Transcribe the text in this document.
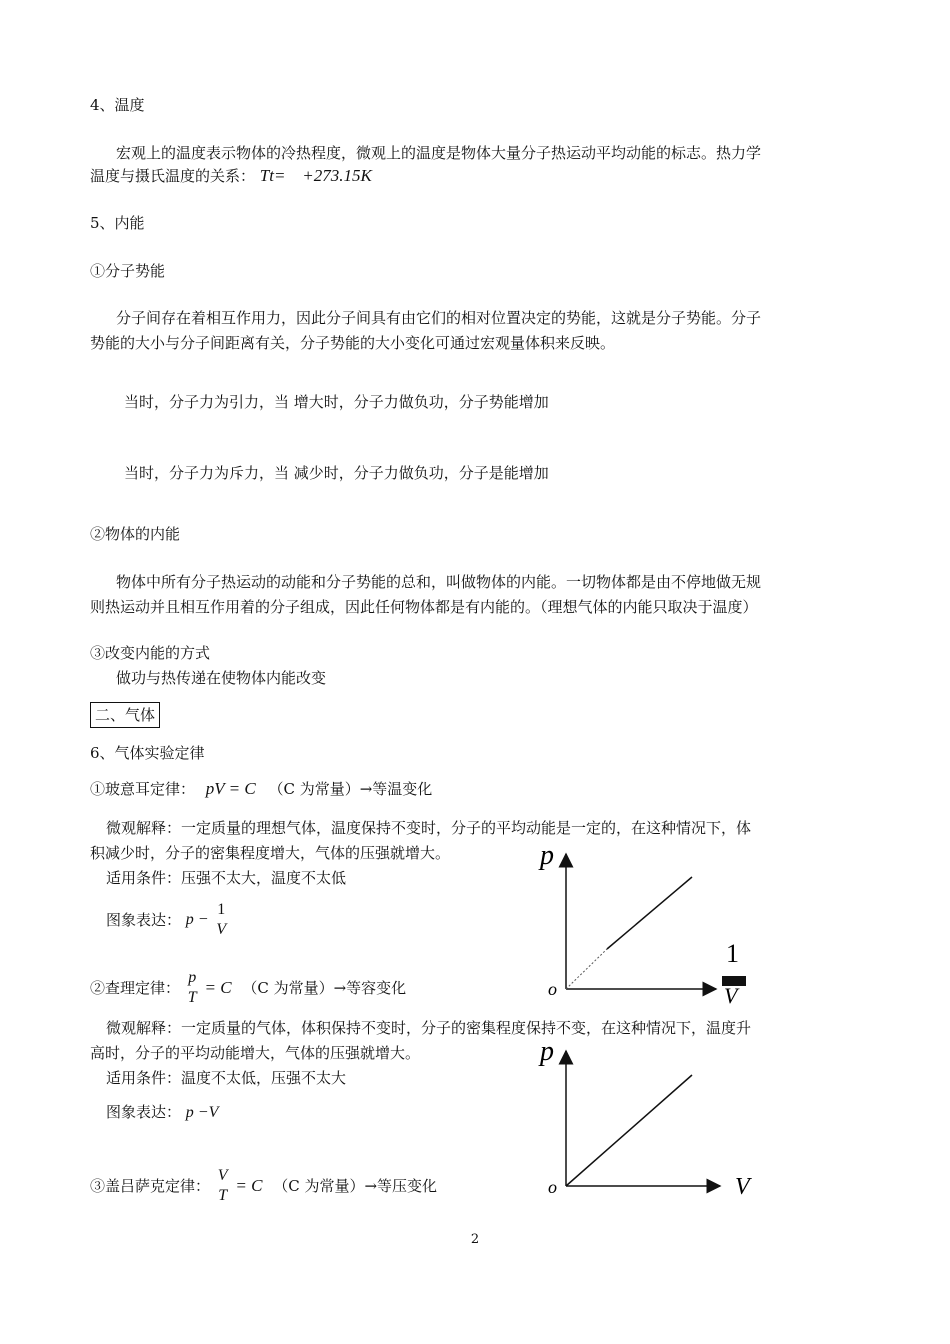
4、温度
宏观上的温度表示物体的冷热程度，微观上的温度是物体大量分子热运动平均动能的标志。热力学
温度与摄氏温度的关系： Tt= +273.15K
5、内能
①分子势能
分子间存在着相互作用力，因此分子间具有由它们的相对位置决定的势能，这就是分子势能。分子
势能的大小与分子间距离有关，分子势能的大小变化可通过宏观量体积来反映。
当时，分子力为引力，当 增大时，分子力做负功，分子势能增加
当时，分子力为斥力，当 减少时，分子力做负功，分子是能增加
②物体的内能
物体中所有分子热运动的动能和分子势能的总和，叫做物体的内能。一切物体都是由不停地做无规
则热运动并且相互作用着的分子组成，因此任何物体都是有内能的。（理想气体的内能只取决于温度）
③改变内能的方式
做功与热传递在使物体内能改变
二、气体
6、气体实验定律
①玻意耳定律： pV = C （C 为常量）→等温变化
微观解释：一定质量的理想气体，温度保持不变时，分子的平均动能是一定的，在这种情况下，体
积减少时，分子的密集程度增大，气体的压强就增大。
适用条件：压强不太大，温度不太低
图象表达： p −
1
V
②查理定律：
p
T
= C （C 为常量）→等容变化
微观解释：一定质量的气体，体积保持不变时，分子的密集程度保持不变，在这种情况下，温度升
高时，分子的平均动能增大，气体的压强就增大。
适用条件：温度不太低，压强不太大
图象表达： p −V
③盖吕萨克定律：
V
T
= C （C 为常量）→等压变化
p
o
1
V
p
o	V
2
